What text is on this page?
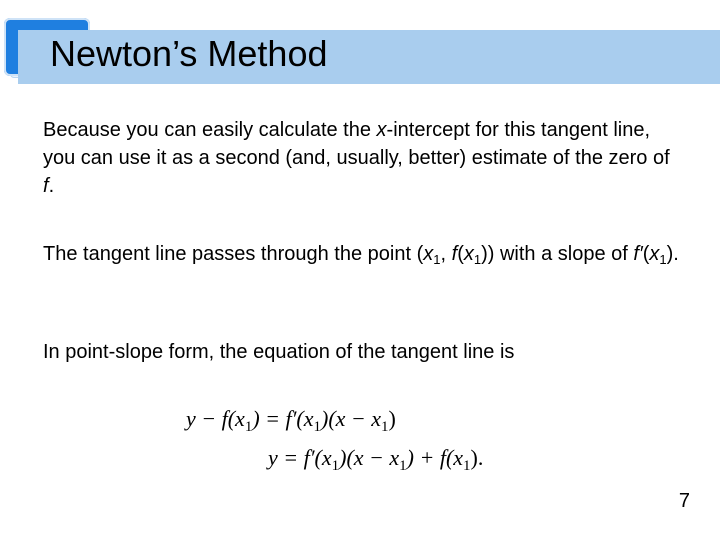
Newton’s Method

Because you can easily calculate the x-intercept for this tangent line, you can use it as a second (and, usually, better) estimate of the zero of f.

The tangent line passes through the point ($x_1$, $f(x_1)$) with a slope of $f'(x_1)$.

In point-slope form, the equation of the tangent line is

$y - f(x_1) = f'(x_1)(x - x_1)$
$y = f'(x_1)(x - x_1) + f(x_1)$.
7
